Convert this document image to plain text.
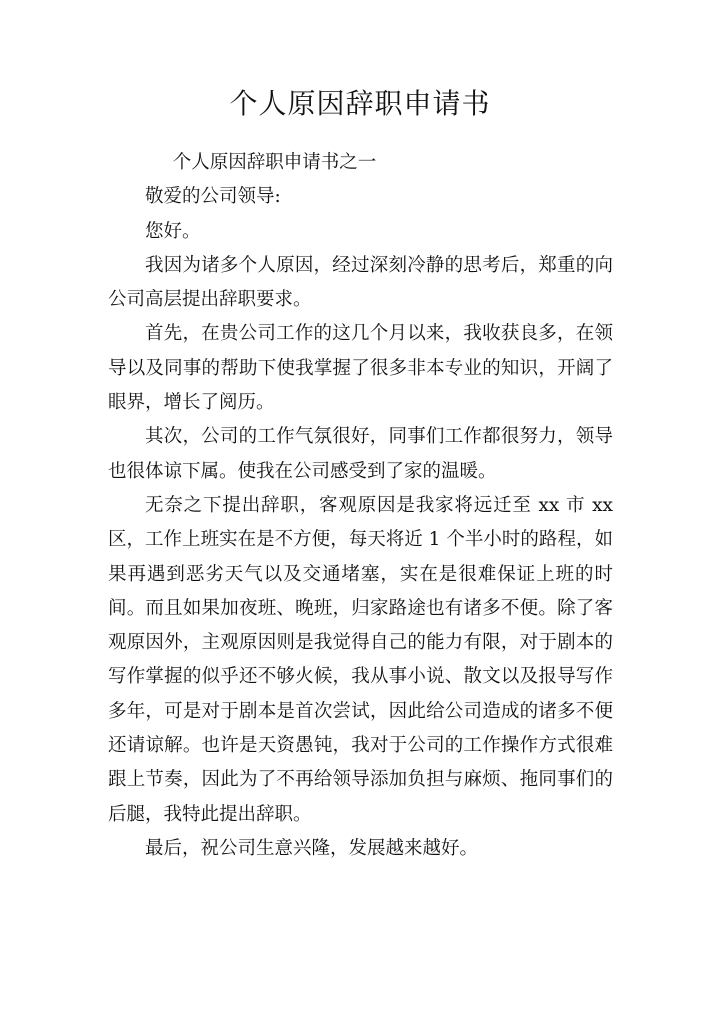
个人原因辞职申请书

个人原因辞职申请书之一

敬爱的公司领导:

您好。

我因为诸多个人原因，经过深刻冷静的思考后，郑重的向公司高层提出辞职要求。

首先，在贵公司工作的这几个月以来，我收获良多，在领导以及同事的帮助下使我掌握了很多非本专业的知识，开阔了眼界，增长了阅历。

其次，公司的工作气氛很好，同事们工作都很努力，领导也很体谅下属。使我在公司感受到了家的温暖。

无奈之下提出辞职，客观原因是我家将远迁至 xx 市 xx 区，工作上班实在是不方便，每天将近 1 个半小时的路程，如果再遇到恶劣天气以及交通堵塞，实在是很难保证上班的时间。而且如果加夜班、晚班，归家路途也有诸多不便。除了客观原因外，主观原因则是我觉得自己的能力有限，对于剧本的写作掌握的似乎还不够火候，我从事小说、散文以及报导写作多年，可是对于剧本是首次尝试，因此给公司造成的诸多不便还请谅解。也许是天资愚钝，我对于公司的工作操作方式很难跟上节奏，因此为了不再给领导添加负担与麻烦、拖同事们的后腿，我特此提出辞职。

最后，祝公司生意兴隆，发展越来越好。
